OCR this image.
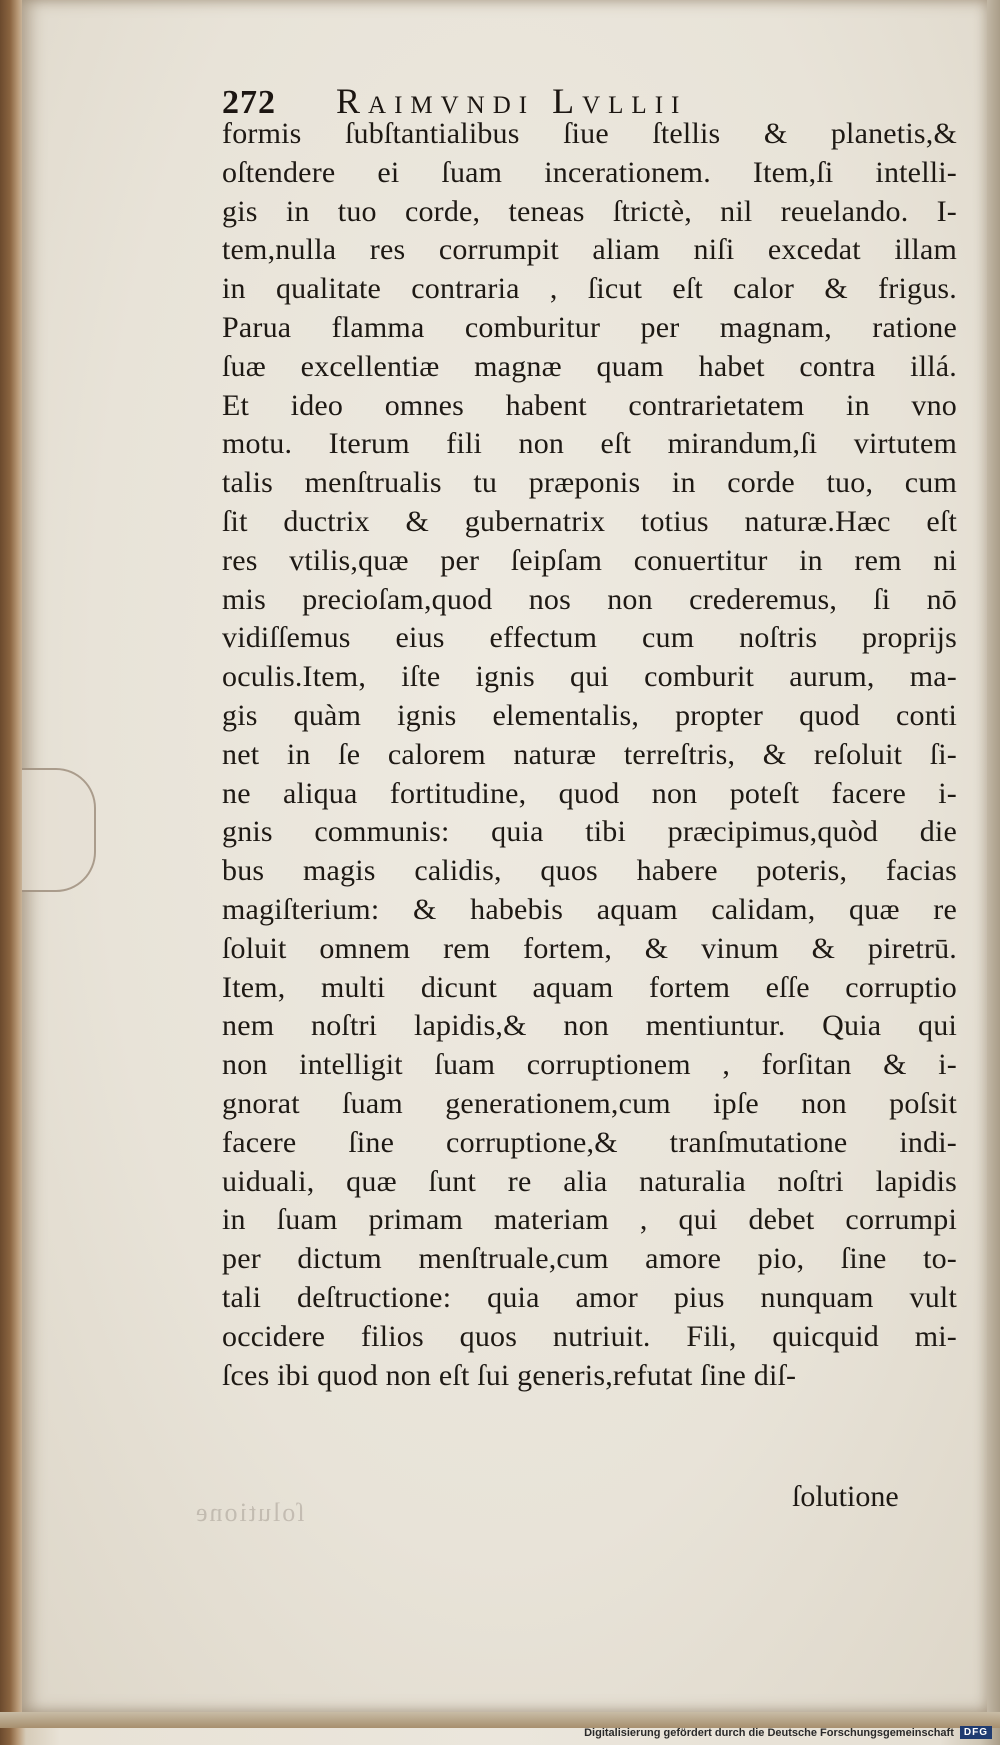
272 Raimvndi Lvllii
formis ſubſtantialibus ſiue ſtellis & planetis,&
oſtendere ei ſuam incerationem. Item,ſi intelli-
gis in tuo corde, teneas ſtrictè, nil reuelando. I-
tem,nulla res corrumpit aliam niſi excedat illam
in qualitate contraria , ſicut eſt calor & frigus.
Parua flamma comburitur per magnam, ratione
ſuæ excellentiæ magnæ quam habet contra illá.
Et ideo omnes habent contrarietatem in vno
motu. Iterum fili non eſt mirandum,ſi virtutem
talis menſtrualis tu præponis in corde tuo, cum
ſit ductrix & gubernatrix totius naturæ.Hæc eſt
res vtilis,quæ per ſeipſam conuertitur in rem ni
mis precioſam,quod nos non crederemus, ſi nō
vidiſſemus eius effectum cum noſtris proprijs
oculis.Item, iſte ignis qui comburit aurum, ma-
gis quàm ignis elementalis, propter quod conti
net in ſe calorem naturæ terreſtris, & reſoluit ſi-
ne aliqua fortitudine, quod non poteſt facere i-
gnis communis: quia tibi præcipimus,quòd die
bus magis calidis, quos habere poteris, facias
magiſterium: & habebis aquam calidam, quæ re
ſoluit omnem rem fortem, & vinum & piretrū.
Item, multi dicunt aquam fortem eſſe corruptio
nem noſtri lapidis,& non mentiuntur. Quia qui
non intelligit ſuam corruptionem , forſitan & i-
gnorat ſuam generationem,cum ipſe non poſsit
facere ſine corruptione,& tranſmutatione indi-
uiduali, quæ ſunt re alia naturalia noſtri lapidis
in ſuam primam materiam , qui debet corrumpi
per dictum menſtruale,cum amore pio, ſine to-
tali deſtructione: quia amor pius nunquam vult
occidere filios quos nutriuit. Fili, quicquid mi-
ſces ibi quod non eſt ſui generis,refutat ſine diſ-
ſolutione	ſolutione
Digitalisierung gefördert durch die Deutsche Forschungsgemeinschaft	DFG
